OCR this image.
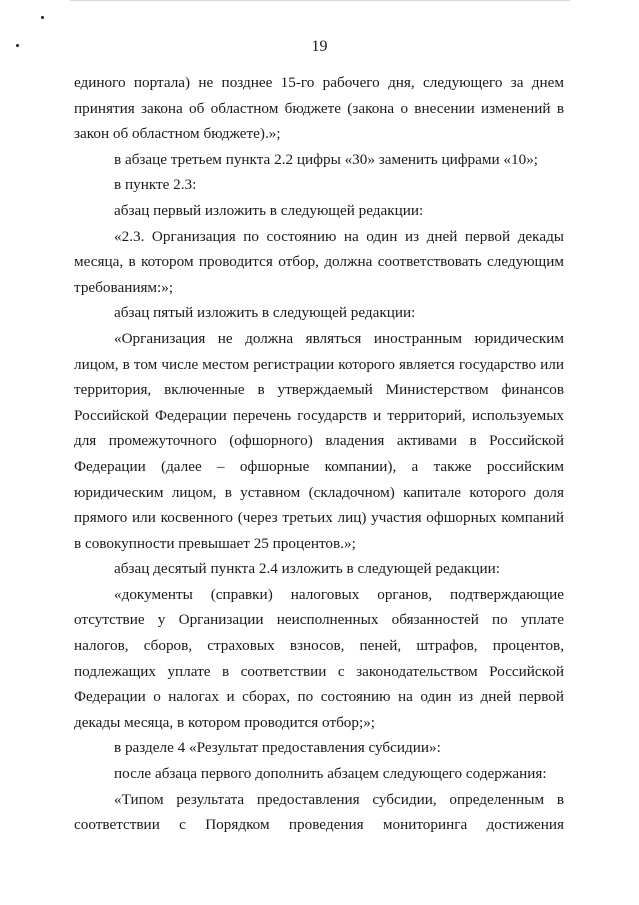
19

единого портала) не позднее 15-го рабочего дня, следующего за днем принятия закона об областном бюджете (закона о внесении изменений в закон об областном бюджете).»;

в абзаце третьем пункта 2.2 цифры «30» заменить цифрами «10»;

в пункте 2.3:

абзац первый изложить в следующей редакции:

«2.3. Организация по состоянию на один из дней первой декады месяца, в котором проводится отбор, должна соответствовать следующим требованиям:»;

абзац пятый изложить в следующей редакции:

«Организация не должна являться иностранным юридическим лицом, в том числе местом регистрации которого является государство или территория, включенные в утверждаемый Министерством финансов Российской Федерации перечень государств и территорий, используемых для промежуточного (офшорного) владения активами в Российской Федерации (далее – офшорные компании), а также российским юридическим лицом, в уставном (складочном) капитале которого доля прямого или косвенного (через третьих лиц) участия офшорных компаний в совокупности превышает 25 процентов.»;

абзац десятый пункта 2.4 изложить в следующей редакции:

«документы (справки) налоговых органов, подтверждающие отсутствие у Организации неисполненных обязанностей по уплате налогов, сборов, страховых взносов, пеней, штрафов, процентов, подлежащих уплате в соответствии с законодательством Российской Федерации о налогах и сборах, по состоянию на один из дней первой декады месяца, в котором проводится отбор;»;

в разделе 4 «Результат предоставления субсидии»:

после абзаца первого дополнить абзацем следующего содержания:

«Типом результата предоставления субсидии, определенным в соответствии с Порядком проведения мониторинга достижения
